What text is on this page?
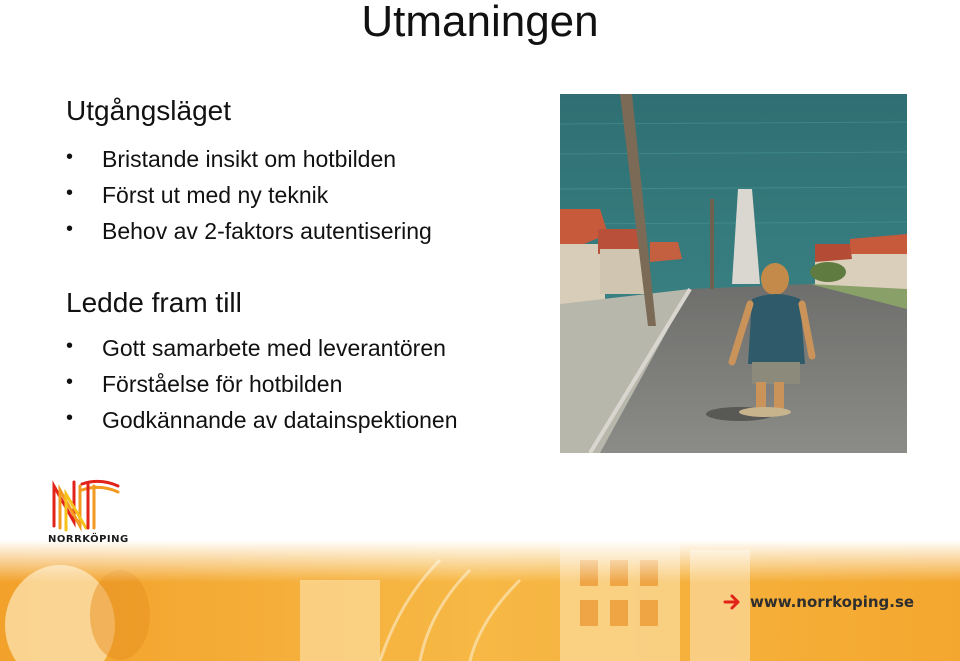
Utmaningen
Utgångsläget
• Bristande insikt om hotbilden
• Först ut med ny teknik
• Behov av 2-faktors autentisering
Ledde fram till
• Gott samarbete med leverantören
• Förståelse för hotbilden
• Godkännande av datainspektionen
NORRKÖPING
www.norrkoping.se
